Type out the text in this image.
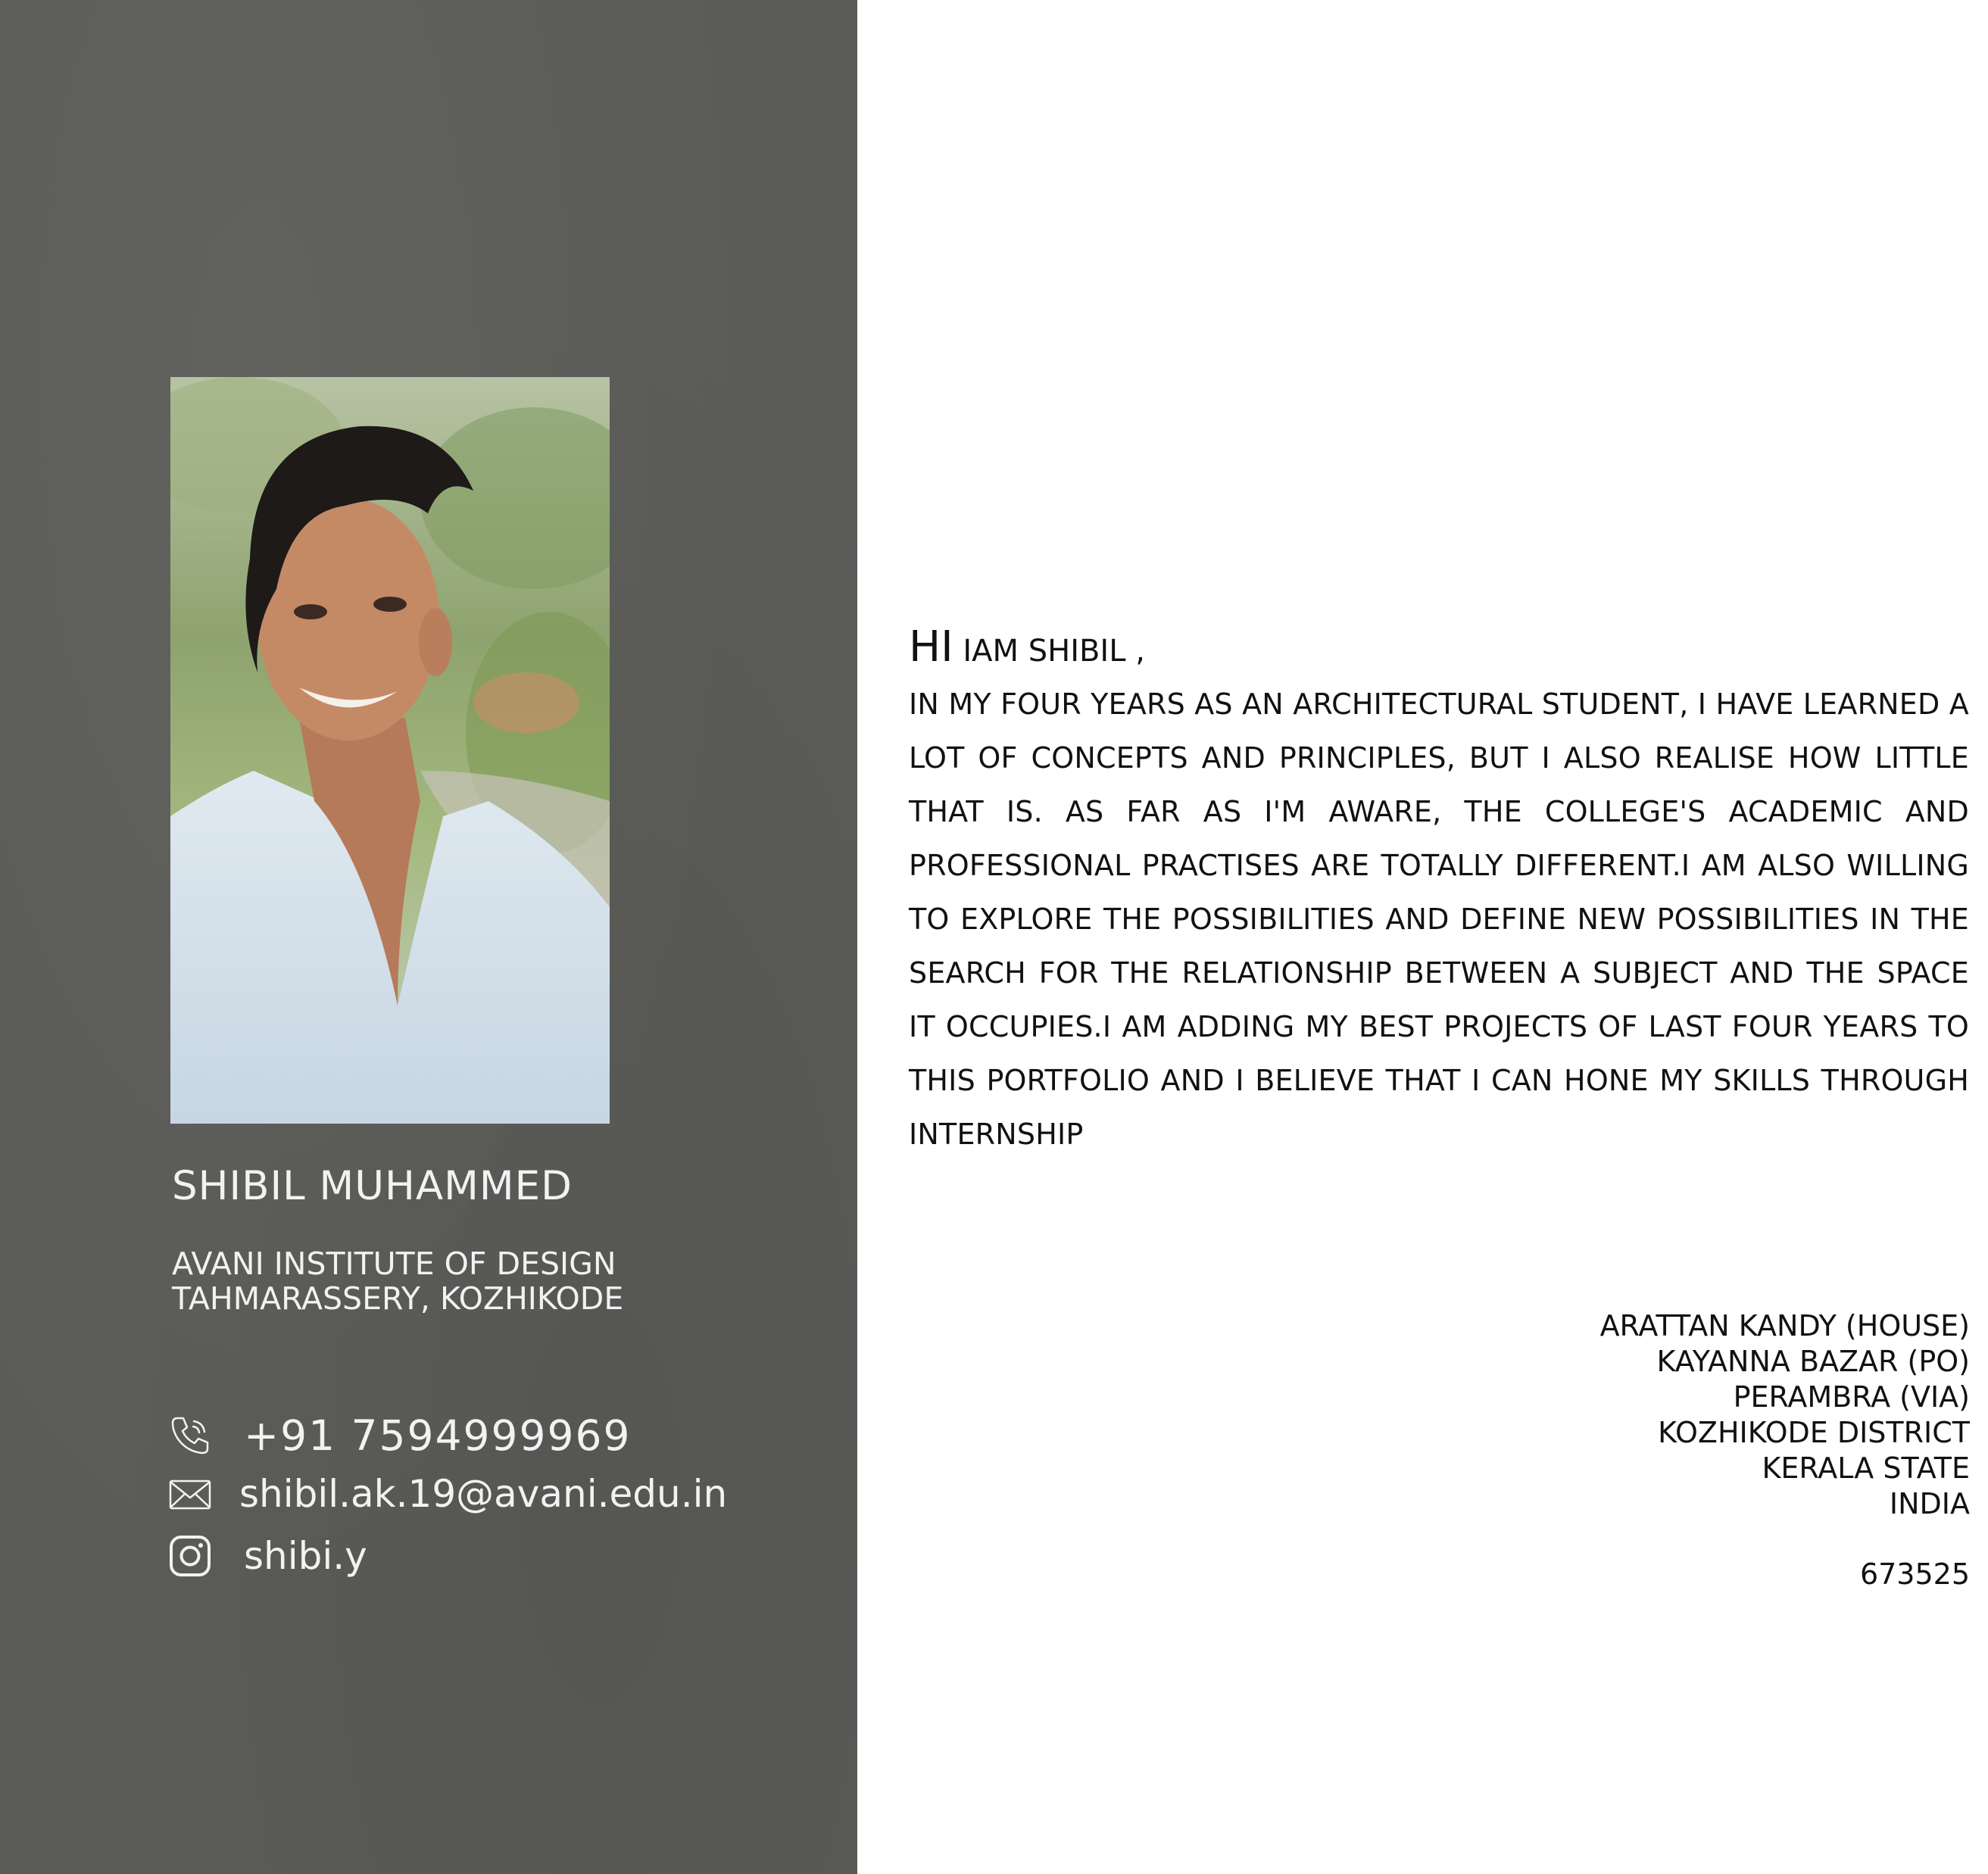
SHIBIL MUHAMMED
AVANI INSTITUTE OF DESIGN
TAHMARASSERY, KOZHIKODE
+91 7594999969
shibil.ak.19@avani.edu.in
shibi.y
HI IAM SHIBIL ,
IN MY FOUR YEARS AS AN ARCHITECTURAL STUDENT, I HAVE LEARNED A LOT OF CONCEPTS AND PRINCIPLES, BUT I ALSO REALISE HOW LITTLE THAT IS. AS FAR AS I'M AWARE, THE COLLEGE'S ACADEMIC AND PROFESSIONAL PRACTISES ARE TOTALLY DIFFERENT.I AM ALSO WILLING TO EXPLORE THE POSSIBILITIES AND DEFINE NEW POSSIBILITIES IN THE SEARCH FOR THE RELATIONSHIP BETWEEN A SUBJECT AND THE SPACE IT OCCUPIES.I AM ADDING MY BEST PROJECTS OF LAST FOUR YEARS TO THIS PORTFOLIO AND I BELIEVE THAT I CAN HONE MY SKILLS THROUGH INTERNSHIP
ARATTAN KANDY (HOUSE)
KAYANNA BAZAR (PO)
PERAMBRA (VIA)
KOZHIKODE DISTRICT
KERALA STATE
INDIA
673525
